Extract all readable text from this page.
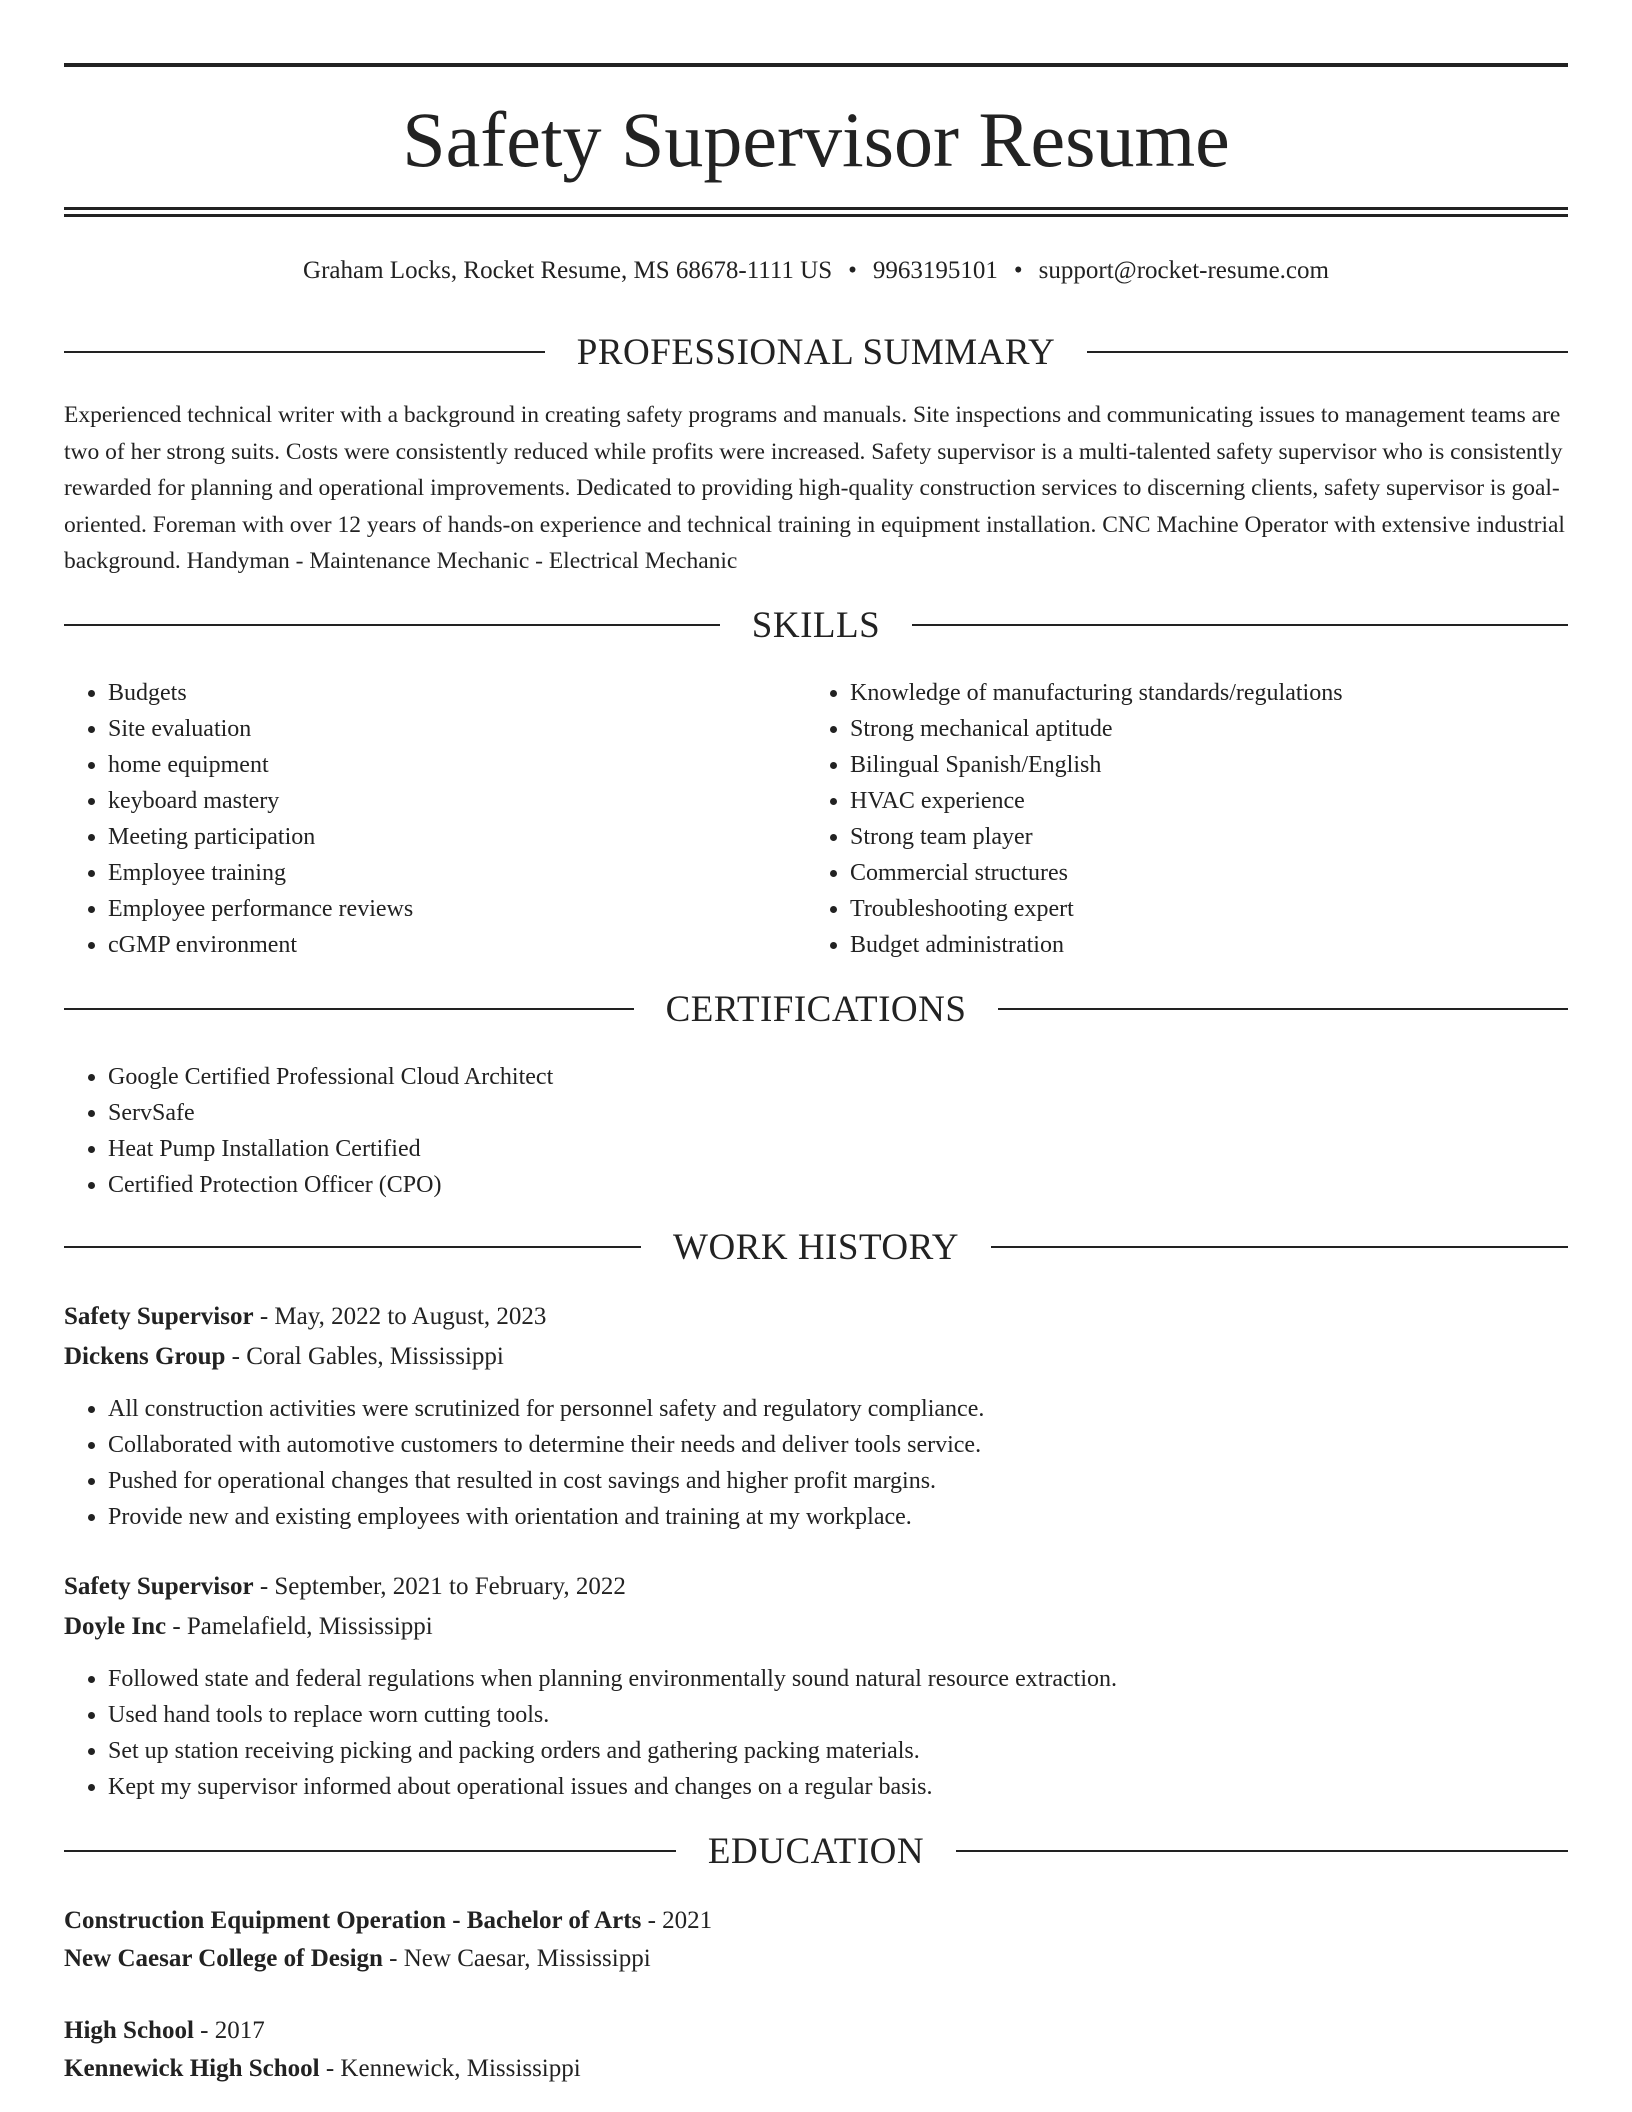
Safety Supervisor Resume
Graham Locks, Rocket Resume, MS 68678-1111 US • 9963195101 • support@rocket-resume.com
PROFESSIONAL SUMMARY
Experienced technical writer with a background in creating safety programs and manuals. Site inspections and communicating issues to management teams are two of her strong suits. Costs were consistently reduced while profits were increased. Safety supervisor is a multi-talented safety supervisor who is consistently rewarded for planning and operational improvements. Dedicated to providing high-quality construction services to discerning clients, safety supervisor is goal-oriented. Foreman with over 12 years of hands-on experience and technical training in equipment installation. CNC Machine Operator with extensive industrial background. Handyman - Maintenance Mechanic - Electrical Mechanic
SKILLS
• Budgets
• Site evaluation
• home equipment
• keyboard mastery
• Meeting participation
• Employee training
• Employee performance reviews
• cGMP environment
• Knowledge of manufacturing standards/regulations
• Strong mechanical aptitude
• Bilingual Spanish/English
• HVAC experience
• Strong team player
• Commercial structures
• Troubleshooting expert
• Budget administration
CERTIFICATIONS
• Google Certified Professional Cloud Architect
• ServSafe
• Heat Pump Installation Certified
• Certified Protection Officer (CPO)
WORK HISTORY
Safety Supervisor - May, 2022 to August, 2023
Dickens Group - Coral Gables, Mississippi
• All construction activities were scrutinized for personnel safety and regulatory compliance.
• Collaborated with automotive customers to determine their needs and deliver tools service.
• Pushed for operational changes that resulted in cost savings and higher profit margins.
• Provide new and existing employees with orientation and training at my workplace.
Safety Supervisor - September, 2021 to February, 2022
Doyle Inc - Pamelafield, Mississippi
• Followed state and federal regulations when planning environmentally sound natural resource extraction.
• Used hand tools to replace worn cutting tools.
• Set up station receiving picking and packing orders and gathering packing materials.
• Kept my supervisor informed about operational issues and changes on a regular basis.
EDUCATION
Construction Equipment Operation - Bachelor of Arts - 2021
New Caesar College of Design - New Caesar, Mississippi
High School - 2017
Kennewick High School - Kennewick, Mississippi
